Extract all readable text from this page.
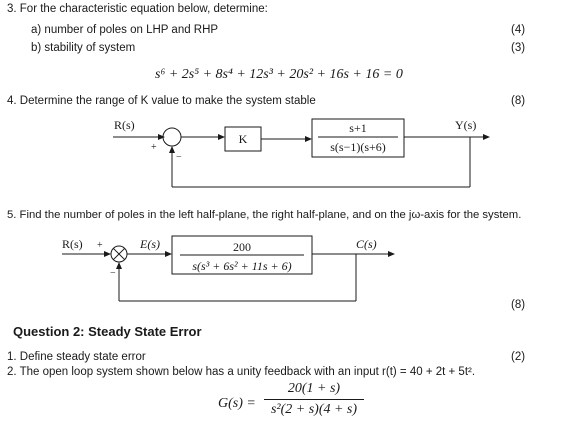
3. For the characteristic equation below, determine:
a) number of poles on LHP and RHP	(4)
b) stability of system	(3)
s⁶ + 2s⁵ + 8s⁴ + 12s³ + 20s² + 16s + 16 = 0
4. Determine the range of K value to make the system stable	(8)
R(s)
+
−
K
s+1
s(s−1)(s+6)
Y(s)
R(s) +
−
E(s)	200
s(s³ + 6s² + 11s + 6)
C(s)
5. Find the number of poles in the left half-plane, the right half-plane, and on the jω-axis for the system.
(8)
Question 2: Steady State Error
1. Define steady state error	(2)
2. The open loop system shown below has a unity feedback with an input r(t) = 40 + 2t + 5t².
G(s) =
20(1 + s)
s²(2 + s)(4 + s)
